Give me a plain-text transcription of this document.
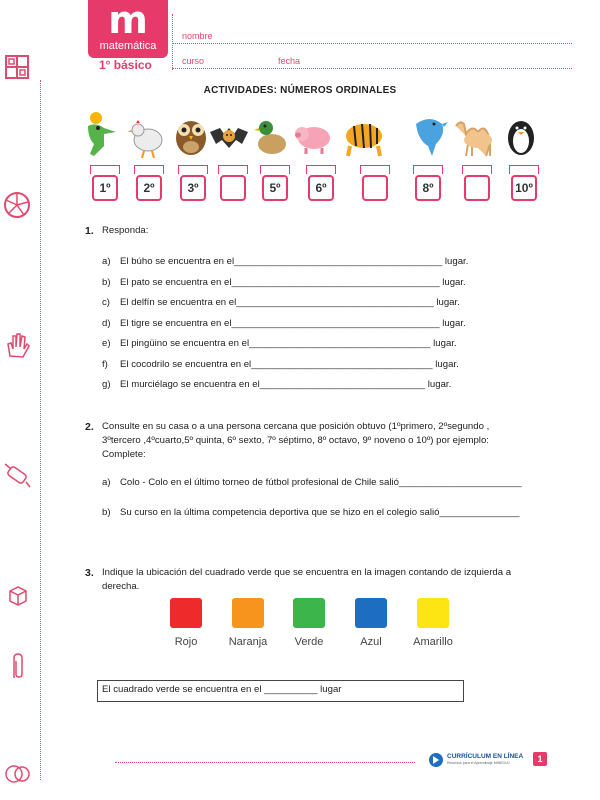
m
matemática
1° básico
nombre
curso	fecha
ACTIVIDADES: NÚMEROS ORDINALES
1º	2º	3º	5º	6º	8º	10º
1. Responda:
a) El búho se encuentra en el_______________________________________ lugar.
b) El pato se encuentra en el_______________________________________ lugar.
c) El delfín se encuentra en el_____________________________________ lugar.
d) El tigre se encuentra en el_______________________________________ lugar.
e) El pingüino se encuentra en el__________________________________ lugar.
f) El cocodrilo se encuentra en el__________________________________ lugar.
g) El murciélago se encuentra en el_______________________________ lugar.
2. Consulte en su casa o a una persona cercana que posición obtuvo (1ºprimero, 2ºsegundo ,
3ºtercero ,4ºcuarto,5º quinta, 6º sexto, 7º séptimo, 8º octavo, 9º noveno o 10º) por ejemplo:
Complete:
a) Colo - Colo en el último torneo de fútbol profesional de Chile salió_______________________
b) Su curso en la última competencia deportiva que se hizo en el colegio salió_______________
3. Indique la ubicación del cuadrado verde que se encuentra en la imagen contando de izquierda a
derecha.
Rojo	Naranja	Verde	Azul	Amarillo
El cuadrado verde se encuentra en el __________ lugar
CURRÍCULUM EN LÍNEA
Recursos para el Aprendizaje MINEDUC	1
